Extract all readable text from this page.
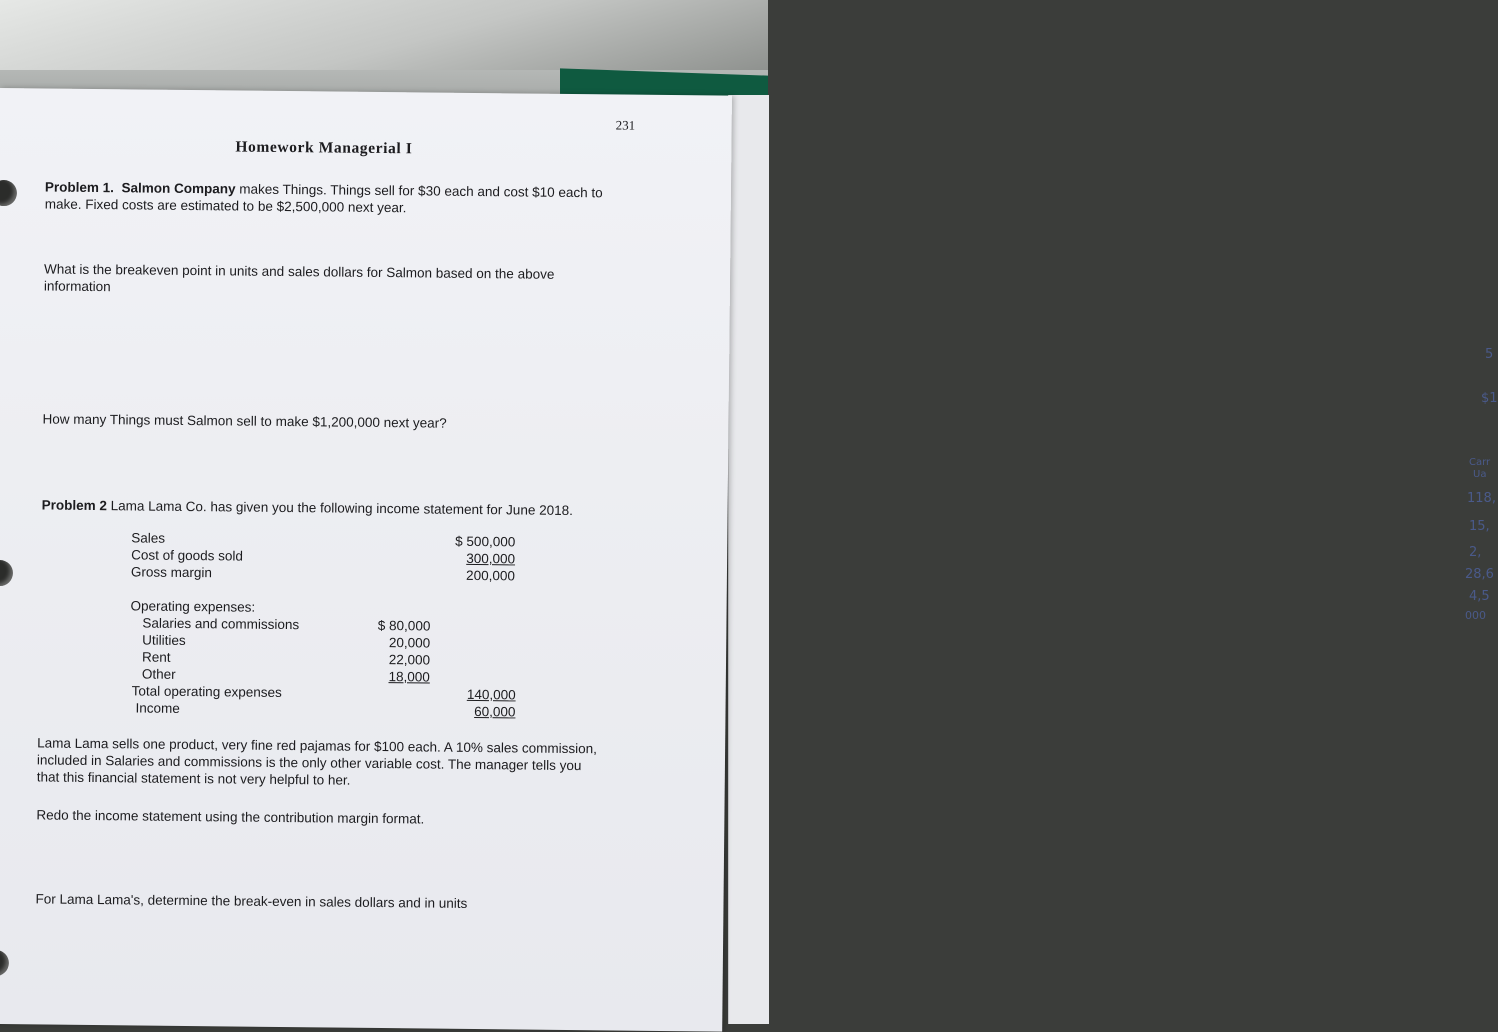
5
$1
Carr
Ua
118,
15,
2,
28,6
4,5
000
231
Homework Managerial I
Problem 1. Salmon Company makes Things. Things sell for $30 each and cost $10 each to
make. Fixed costs are estimated to be $2,500,000 next year.
What is the breakeven point in units and sales dollars for Salmon based on the above
information
How many Things must Salmon sell to make $1,200,000 next year?
Problem 2 Lama Lama Co. has given you the following income statement for June 2018.
Sales	$ 500,000
Cost of goods sold	300,000
Gross margin	200,000
Operating expenses:
Salaries and commissions	$ 80,000
Utilities	20,000
Rent	22,000
Other	18,000
Total operating expenses	140,000
Income	60,000
Lama Lama sells one product, very fine red pajamas for $100 each. A 10% sales commission,
included in Salaries and commissions is the only other variable cost. The manager tells you
that this financial statement is not very helpful to her.
Redo the income statement using the contribution margin format.
For Lama Lama's, determine the break-even in sales dollars and in units
